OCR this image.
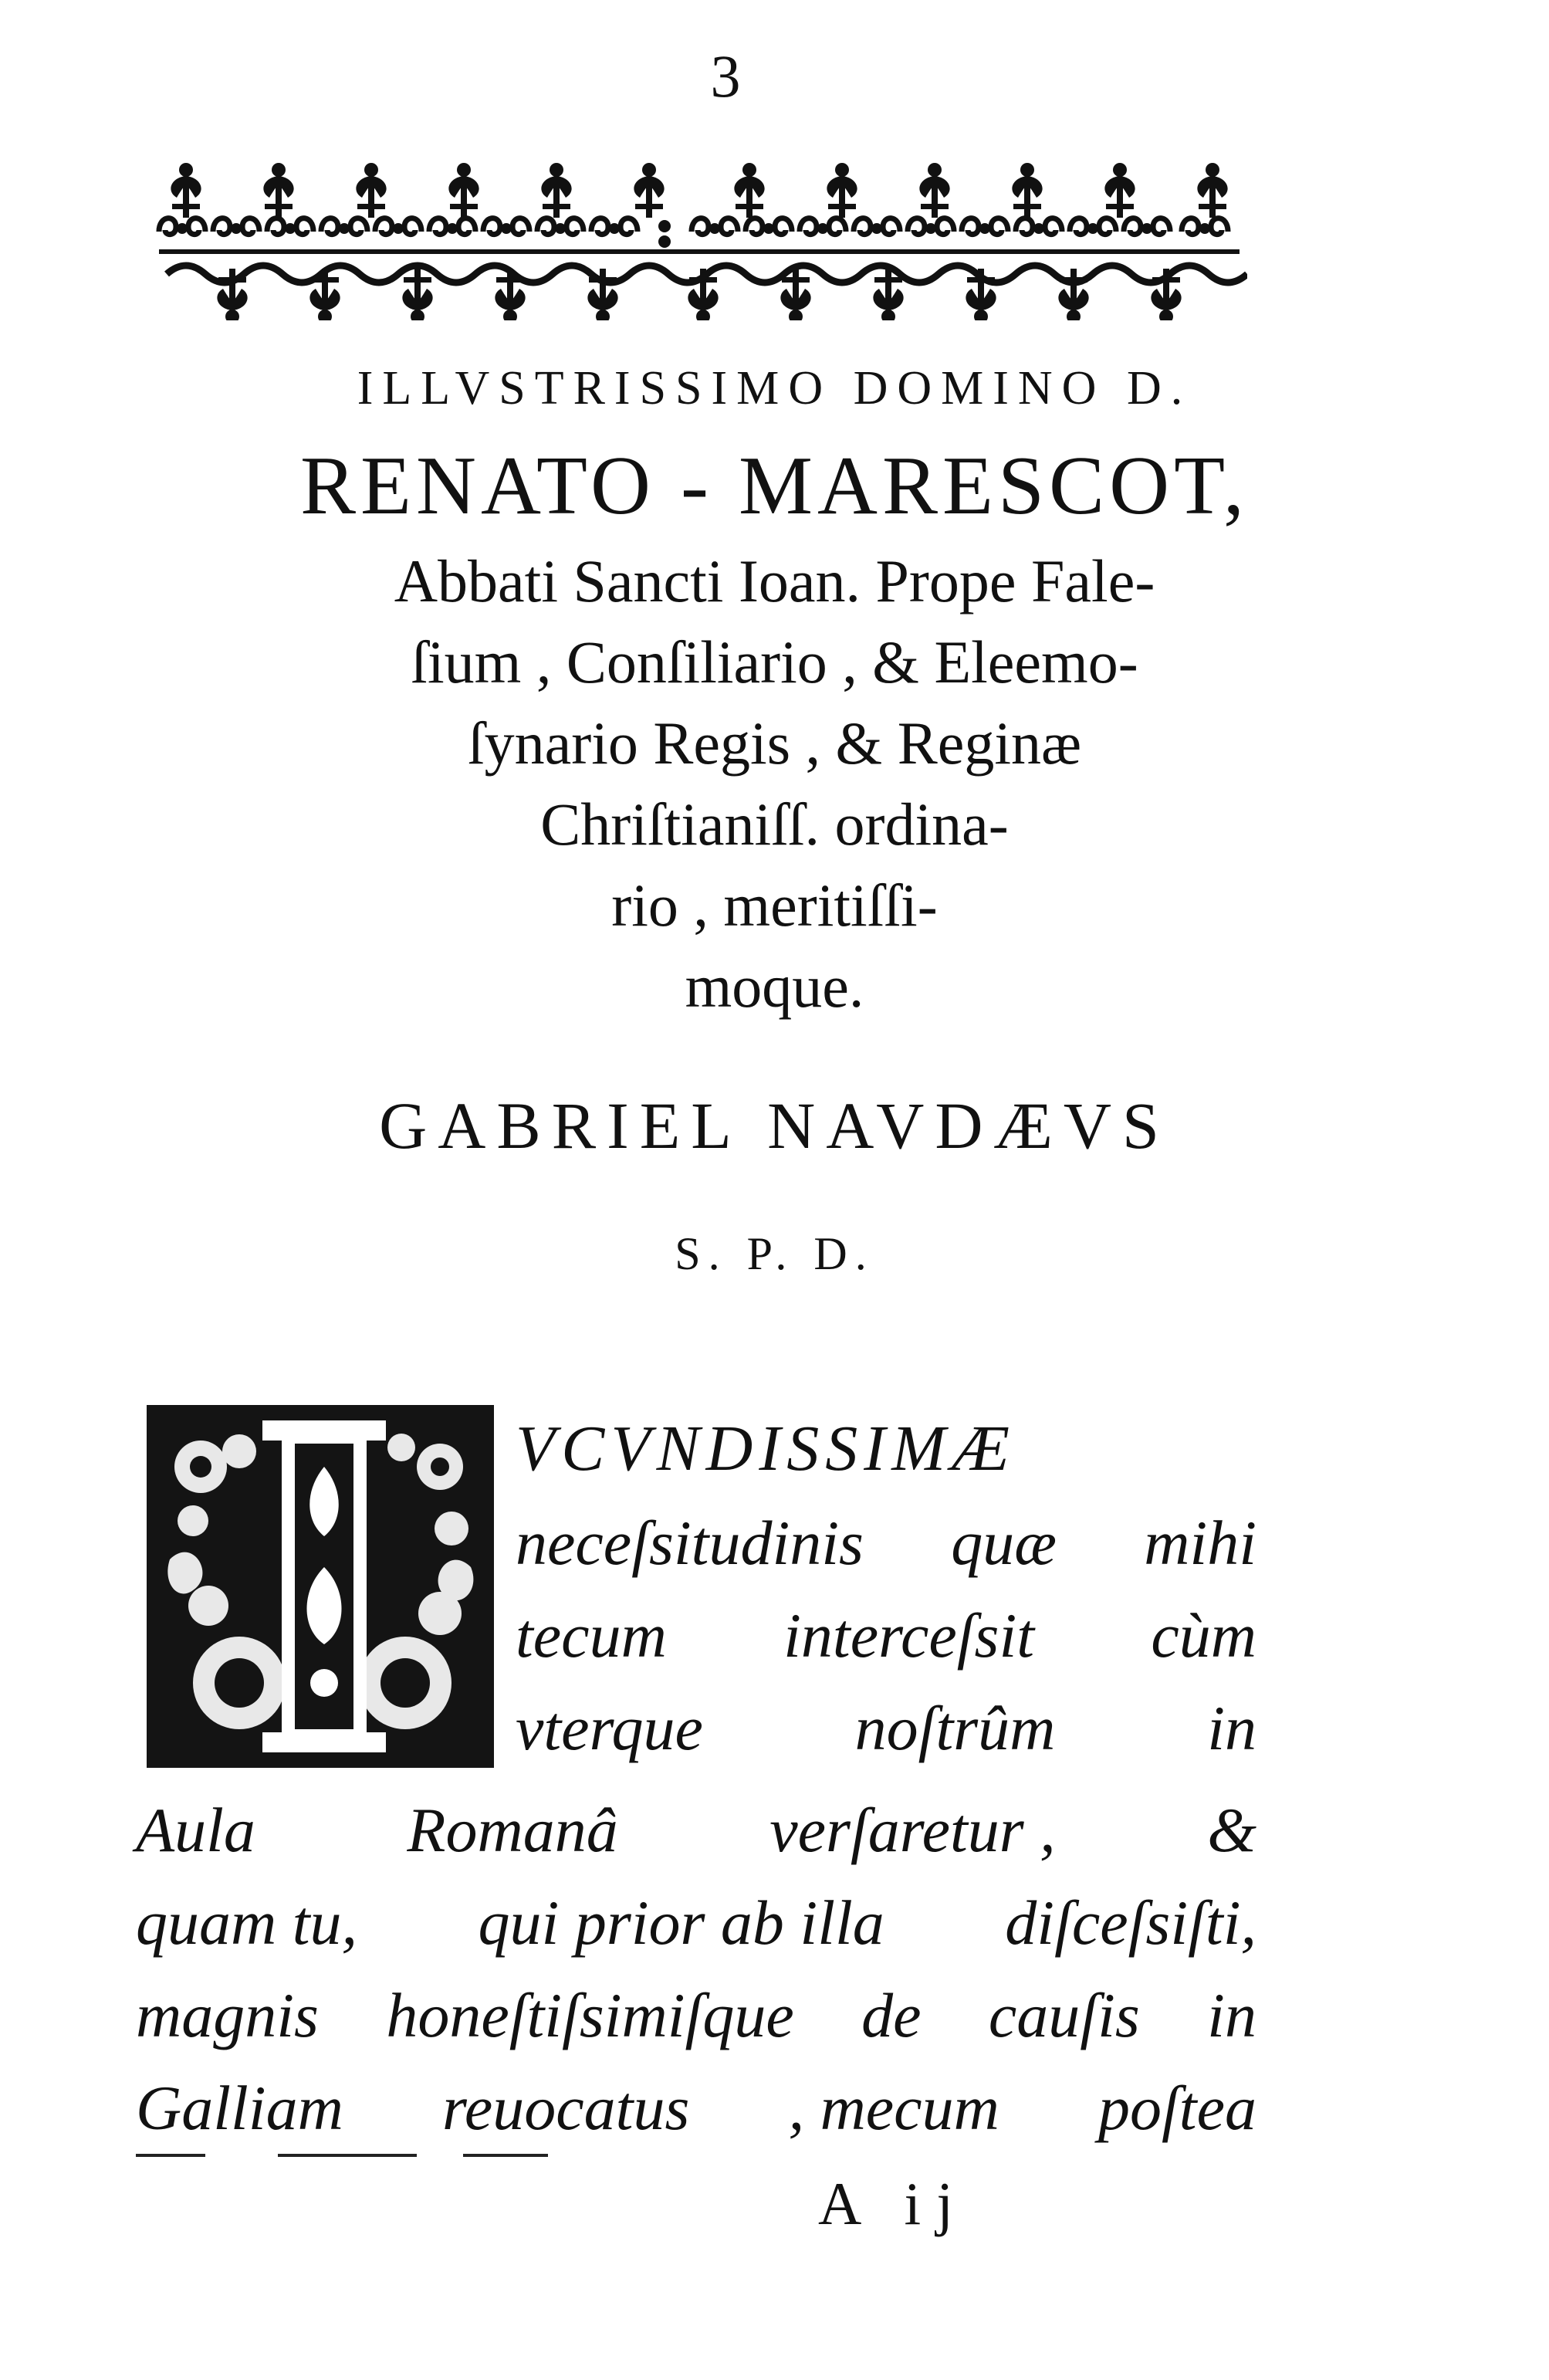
3
ILLVSTRISSIMO DOMINO D.
RENATO - MARESCOT,
Abbati Sancti Ioan. Prope Fale-
ſium , Conſiliario , & Eleemo-
ſynario Regis , & Reginæ
Chriſtianiſſ. ordina-
rio , meritiſſi-
moque.
GABRIEL NAVDÆVS
S. P. D.
VCVNDISSIMÆ
neceſsitudinis quæ mihi
tecum interceſsit cùm
vterque noſtrûm in
Aula Romanâ verſaretur , &
quam tu, qui prior ab illa diſceſsiſti,
magnis honeſtiſsimiſque de cauſis in
Galliam reuocatus , mecum poſtea
A ij
